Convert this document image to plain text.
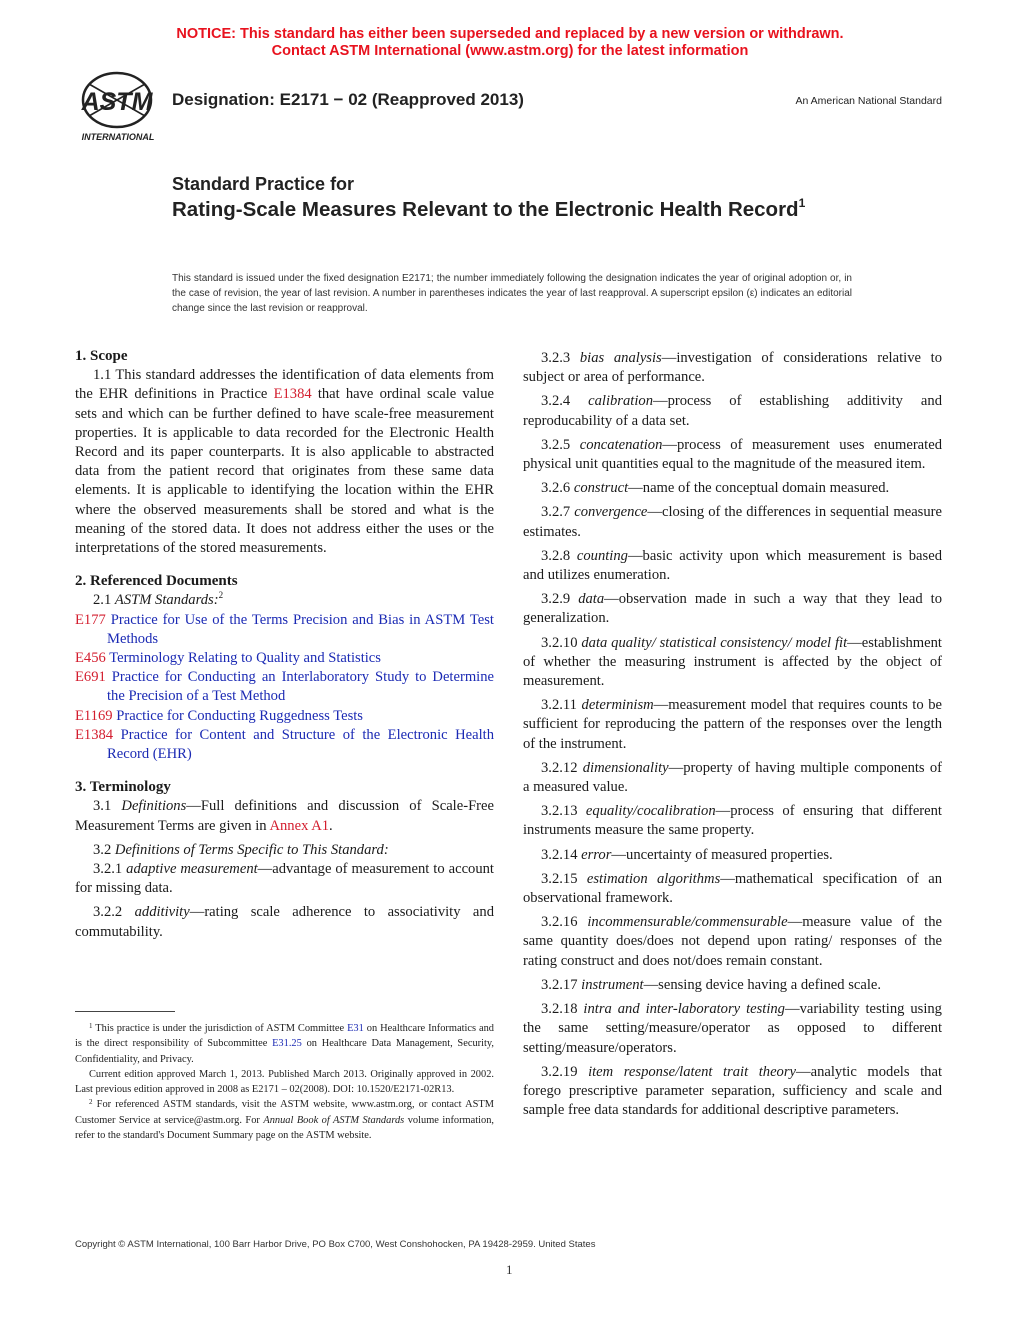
NOTICE: This standard has either been superseded and replaced by a new version or withdrawn.
Contact ASTM International (www.astm.org) for the latest information
ASTM
INTERNATIONAL
Designation: E2171 − 02 (Reapproved 2013)	An American National Standard
Standard Practice for
Rating-Scale Measures Relevant to the Electronic Health Record$^1$
This standard is issued under the fixed designation E2171; the number immediately following the designation indicates the year of original adoption or, in the case of revision, the year of last revision. A number in parentheses indicates the year of last reapproval. A superscript epsilon (ε) indicates an editorial change since the last revision or reapproval.

1. Scope

1.1 This standard addresses the identification of data elements from the EHR definitions in Practice E1384 that have ordinal scale value sets and which can be further defined to have scale-free measurement properties. It is applicable to data recorded for the Electronic Health Record and its paper counterparts. It is also applicable to abstracted data from the patient record that originates from these same data elements. It is applicable to identifying the location within the EHR where the observed measurements shall be stored and what is the meaning of the stored data. It does not address either the uses or the interpretations of the stored measurements.

2. Referenced Documents

2.1 ASTM Standards:$^2$

E177 Practice for Use of the Terms Precision and Bias in ASTM Test Methods

E456 Terminology Relating to Quality and Statistics

E691 Practice for Conducting an Interlaboratory Study to Determine the Precision of a Test Method

E1169 Practice for Conducting Ruggedness Tests

E1384 Practice for Content and Structure of the Electronic Health Record (EHR)

3. Terminology

3.1 Definitions—Full definitions and discussion of Scale-Free Measurement Terms are given in Annex A1.

3.2 Definitions of Terms Specific to This Standard:

3.2.1 adaptive measurement—advantage of measurement to account for missing data.

3.2.2 additivity—rating scale adherence to associativity and commutability.

3.2.3 bias analysis—investigation of considerations relative to subject or area of performance.

3.2.4 calibration—process of establishing additivity and reproducability of a data set.

3.2.5 concatenation—process of measurement uses enumerated physical unit quantities equal to the magnitude of the measured item.

3.2.6 construct—name of the conceptual domain measured.

3.2.7 convergence—closing of the differences in sequential measure estimates.

3.2.8 counting—basic activity upon which measurement is based and utilizes enumeration.

3.2.9 data—observation made in such a way that they lead to generalization.

3.2.10 data quality/ statistical consistency/ model fit—establishment of whether the measuring instrument is affected by the object of measurement.

3.2.11 determinism—measurement model that requires counts to be sufficient for reproducing the pattern of the responses over the length of the instrument.

3.2.12 dimensionality—property of having multiple components of a measured value.

3.2.13 equality/cocalibration—process of ensuring that different instruments measure the same property.

3.2.14 error—uncertainty of measured properties.

3.2.15 estimation algorithms—mathematical specification of an observational framework.

3.2.16 incommensurable/commensurable—measure value of the same quantity does/does not depend upon rating/ responses of the rating construct and does not/does remain constant.

3.2.17 instrument—sensing device having a defined scale.

3.2.18 intra and inter-laboratory testing—variability testing using the same setting/measure/operator as opposed to different setting/measure/operators.

3.2.19 item response/latent trait theory—analytic models that forego prescriptive parameter separation, sufficiency and scale and sample free data standards for additional descriptive parameters.

$^1$ This practice is under the jurisdiction of ASTM Committee E31 on Healthcare Informatics and is the direct responsibility of Subcommittee E31.25 on Healthcare Data Management, Security, Confidentiality, and Privacy.

Current edition approved March 1, 2013. Published March 2013. Originally approved in 2002. Last previous edition approved in 2008 as E2171 – 02(2008). DOI: 10.1520/E2171-02R13.

$^2$ For referenced ASTM standards, visit the ASTM website, www.astm.org, or contact ASTM Customer Service at service@astm.org. For Annual Book of ASTM Standards volume information, refer to the standard's Document Summary page on the ASTM website.

Copyright © ASTM International, 100 Barr Harbor Drive, PO Box C700, West Conshohocken, PA 19428-2959. United States
1
